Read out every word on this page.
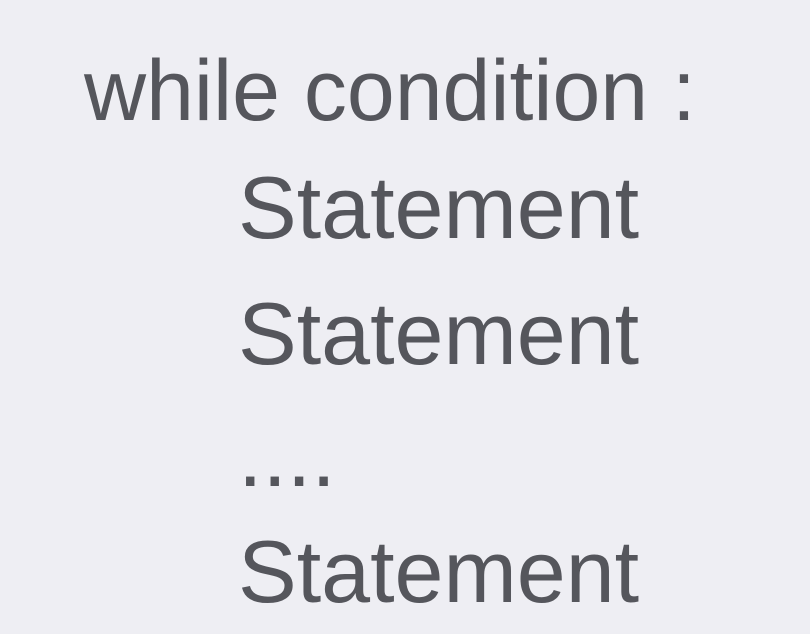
while condition :
Statement
Statement
....
Statement
